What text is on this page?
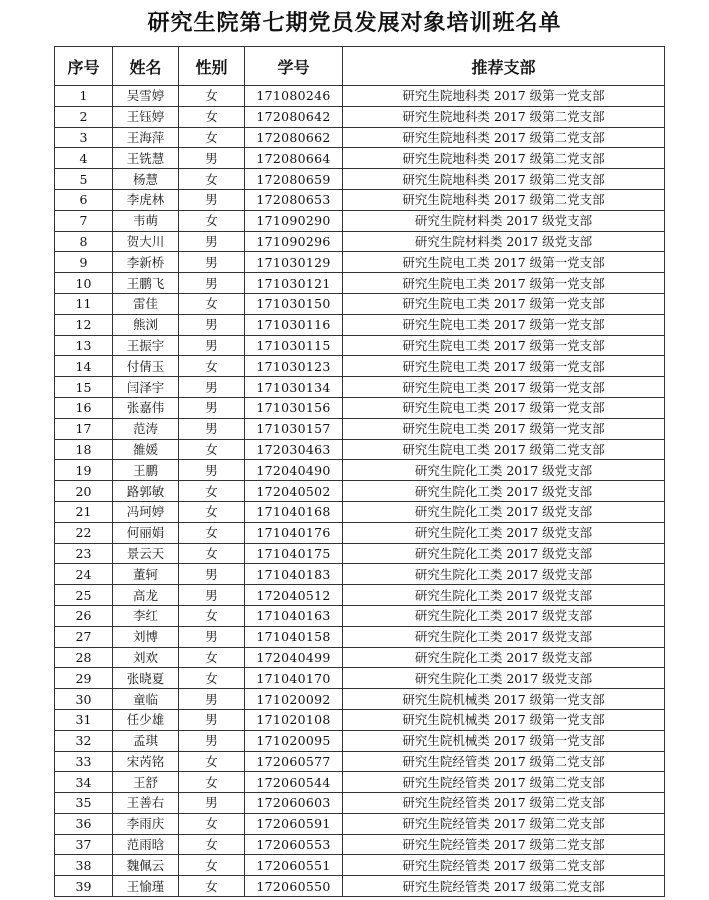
研究生院第七期党员发展对象培训班名单
序号	姓名	性别	学号	推荐支部
1	吴雪婷	女	171080246	研究生院地科类 2017 级第一党支部
2	王钰婷	女	172080642	研究生院地科类 2017 级第二党支部
3	王海萍	女	172080662	研究生院地科类 2017 级第二党支部
4	王铣慧	男	172080664	研究生院地科类 2017 级第二党支部
5	杨慧	女	172080659	研究生院地科类 2017 级第二党支部
6	李虎林	男	172080653	研究生院地科类 2017 级第二党支部
7	韦萌	女	171090290	研究生院材料类 2017 级党支部
8	贺大川	男	171090296	研究生院材料类 2017 级党支部
9	李新桥	男	171030129	研究生院电工类 2017 级第一党支部
10	王鹏飞	男	171030121	研究生院电工类 2017 级第一党支部
11	雷佳	女	171030150	研究生院电工类 2017 级第一党支部
12	熊浏	男	171030116	研究生院电工类 2017 级第一党支部
13	王振宇	男	171030115	研究生院电工类 2017 级第一党支部
14	付倩玉	女	171030123	研究生院电工类 2017 级第一党支部
15	闫泽宇	男	171030134	研究生院电工类 2017 级第一党支部
16	张嘉伟	男	171030156	研究生院电工类 2017 级第一党支部
17	范涛	男	171030157	研究生院电工类 2017 级第一党支部
18	雒媛	女	172030463	研究生院电工类 2017 级第二党支部
19	王鹏	男	172040490	研究生院化工类 2017 级党支部
20	路郭敏	女	172040502	研究生院化工类 2017 级党支部
21	冯珂婷	女	171040168	研究生院化工类 2017 级党支部
22	何丽娟	女	171040176	研究生院化工类 2017 级党支部
23	景云天	女	171040175	研究生院化工类 2017 级党支部
24	董轲	男	171040183	研究生院化工类 2017 级党支部
25	高龙	男	172040512	研究生院化工类 2017 级党支部
26	李红	女	171040163	研究生院化工类 2017 级党支部
27	刘博	男	171040158	研究生院化工类 2017 级党支部
28	刘欢	女	172040499	研究生院化工类 2017 级党支部
29	张晓夏	女	171040170	研究生院化工类 2017 级党支部
30	童临	男	171020092	研究生院机械类 2017 级第一党支部
31	任少雄	男	171020108	研究生院机械类 2017 级第一党支部
32	孟琪	男	171020095	研究生院机械类 2017 级第一党支部
33	宋芮铭	女	172060577	研究生院经管类 2017 级第二党支部
34	王舒	女	172060544	研究生院经管类 2017 级第二党支部
35	王善右	男	172060603	研究生院经管类 2017 级第二党支部
36	李雨庆	女	172060591	研究生院经管类 2017 级第二党支部
37	范雨晗	女	172060553	研究生院经管类 2017 级第二党支部
38	魏佩云	女	172060551	研究生院经管类 2017 级第二党支部
39	王愉瑾	女	172060550	研究生院经管类 2017 级第二党支部
